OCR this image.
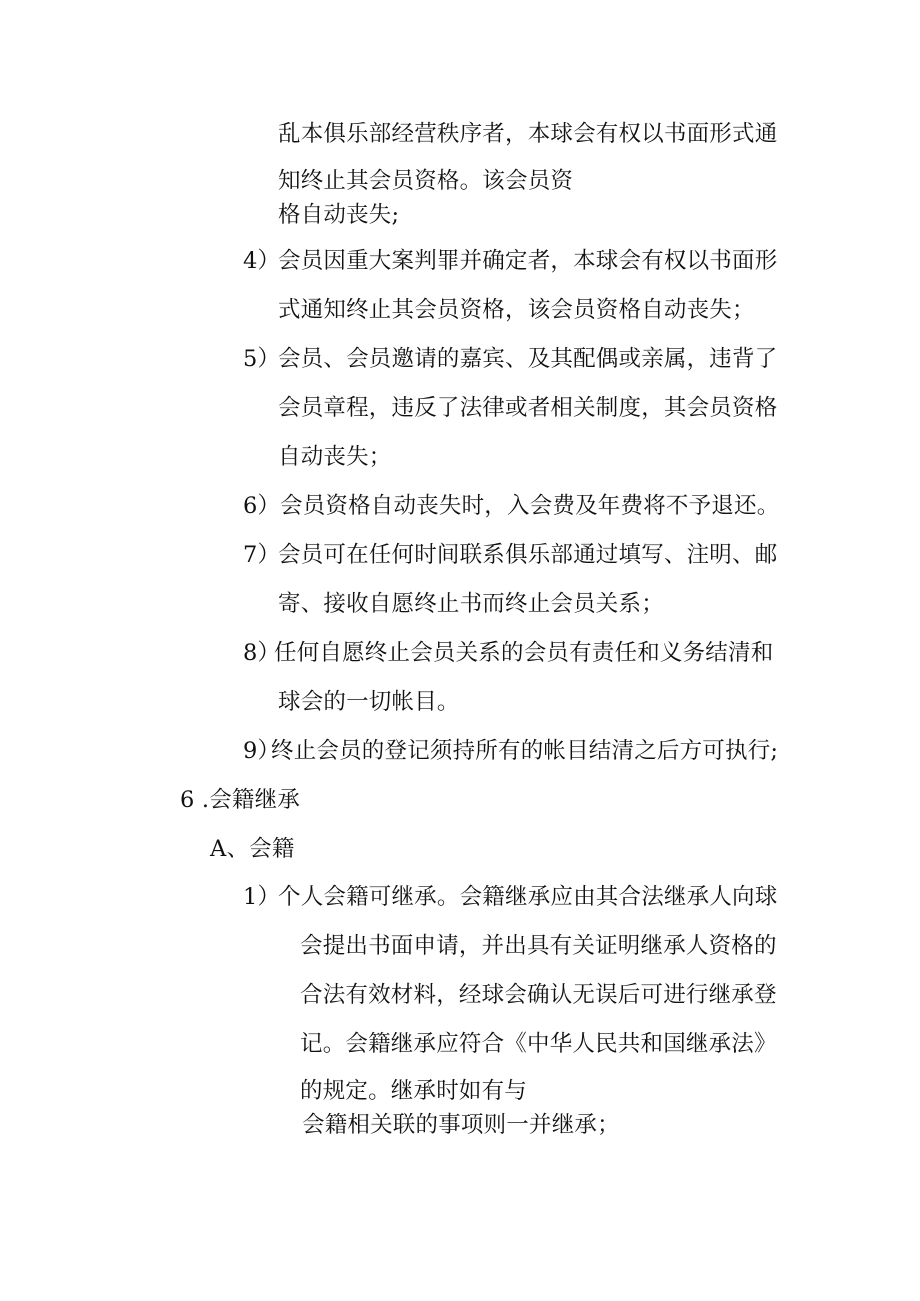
乱本俱乐部经营秩序者，本球会有权以书面形式通

知终止其会员资格。该会员资

格自动丧失;

4）

会员因重大案判罪并确定者，本球会有权以书面形

式通知终止其会员资格，该会员资格自动丧失；

5）

会员、会员邀请的嘉宾、及其配偶或亲属，违背了

会员章程，违反了法律或者相关制度，其会员资格

自动丧失；

6） 会员资格自动丧失时，入会费及年费将不予退还。

7）

会员可在任何时间联系俱乐部通过填写、注明、邮

寄、接收自愿终止书而终止会员关系；

8）

任何自愿终止会员关系的会员有责任和义务结清和

球会的一切帐目。

9）

终止会员的登记须持所有的帐目结清之后方可执行;

6 .会籍继承

A、会籍

1）

个人会籍可继承。会籍继承应由其合法继承人向球

会提出书面申请，并出具有关证明继承人资格的

合法有效材料，经球会确认无误后可进行继承登

记。会籍继承应符合《中华人民共和国继承法》

的规定。继承时如有与

会籍相关联的事项则一并继承；
